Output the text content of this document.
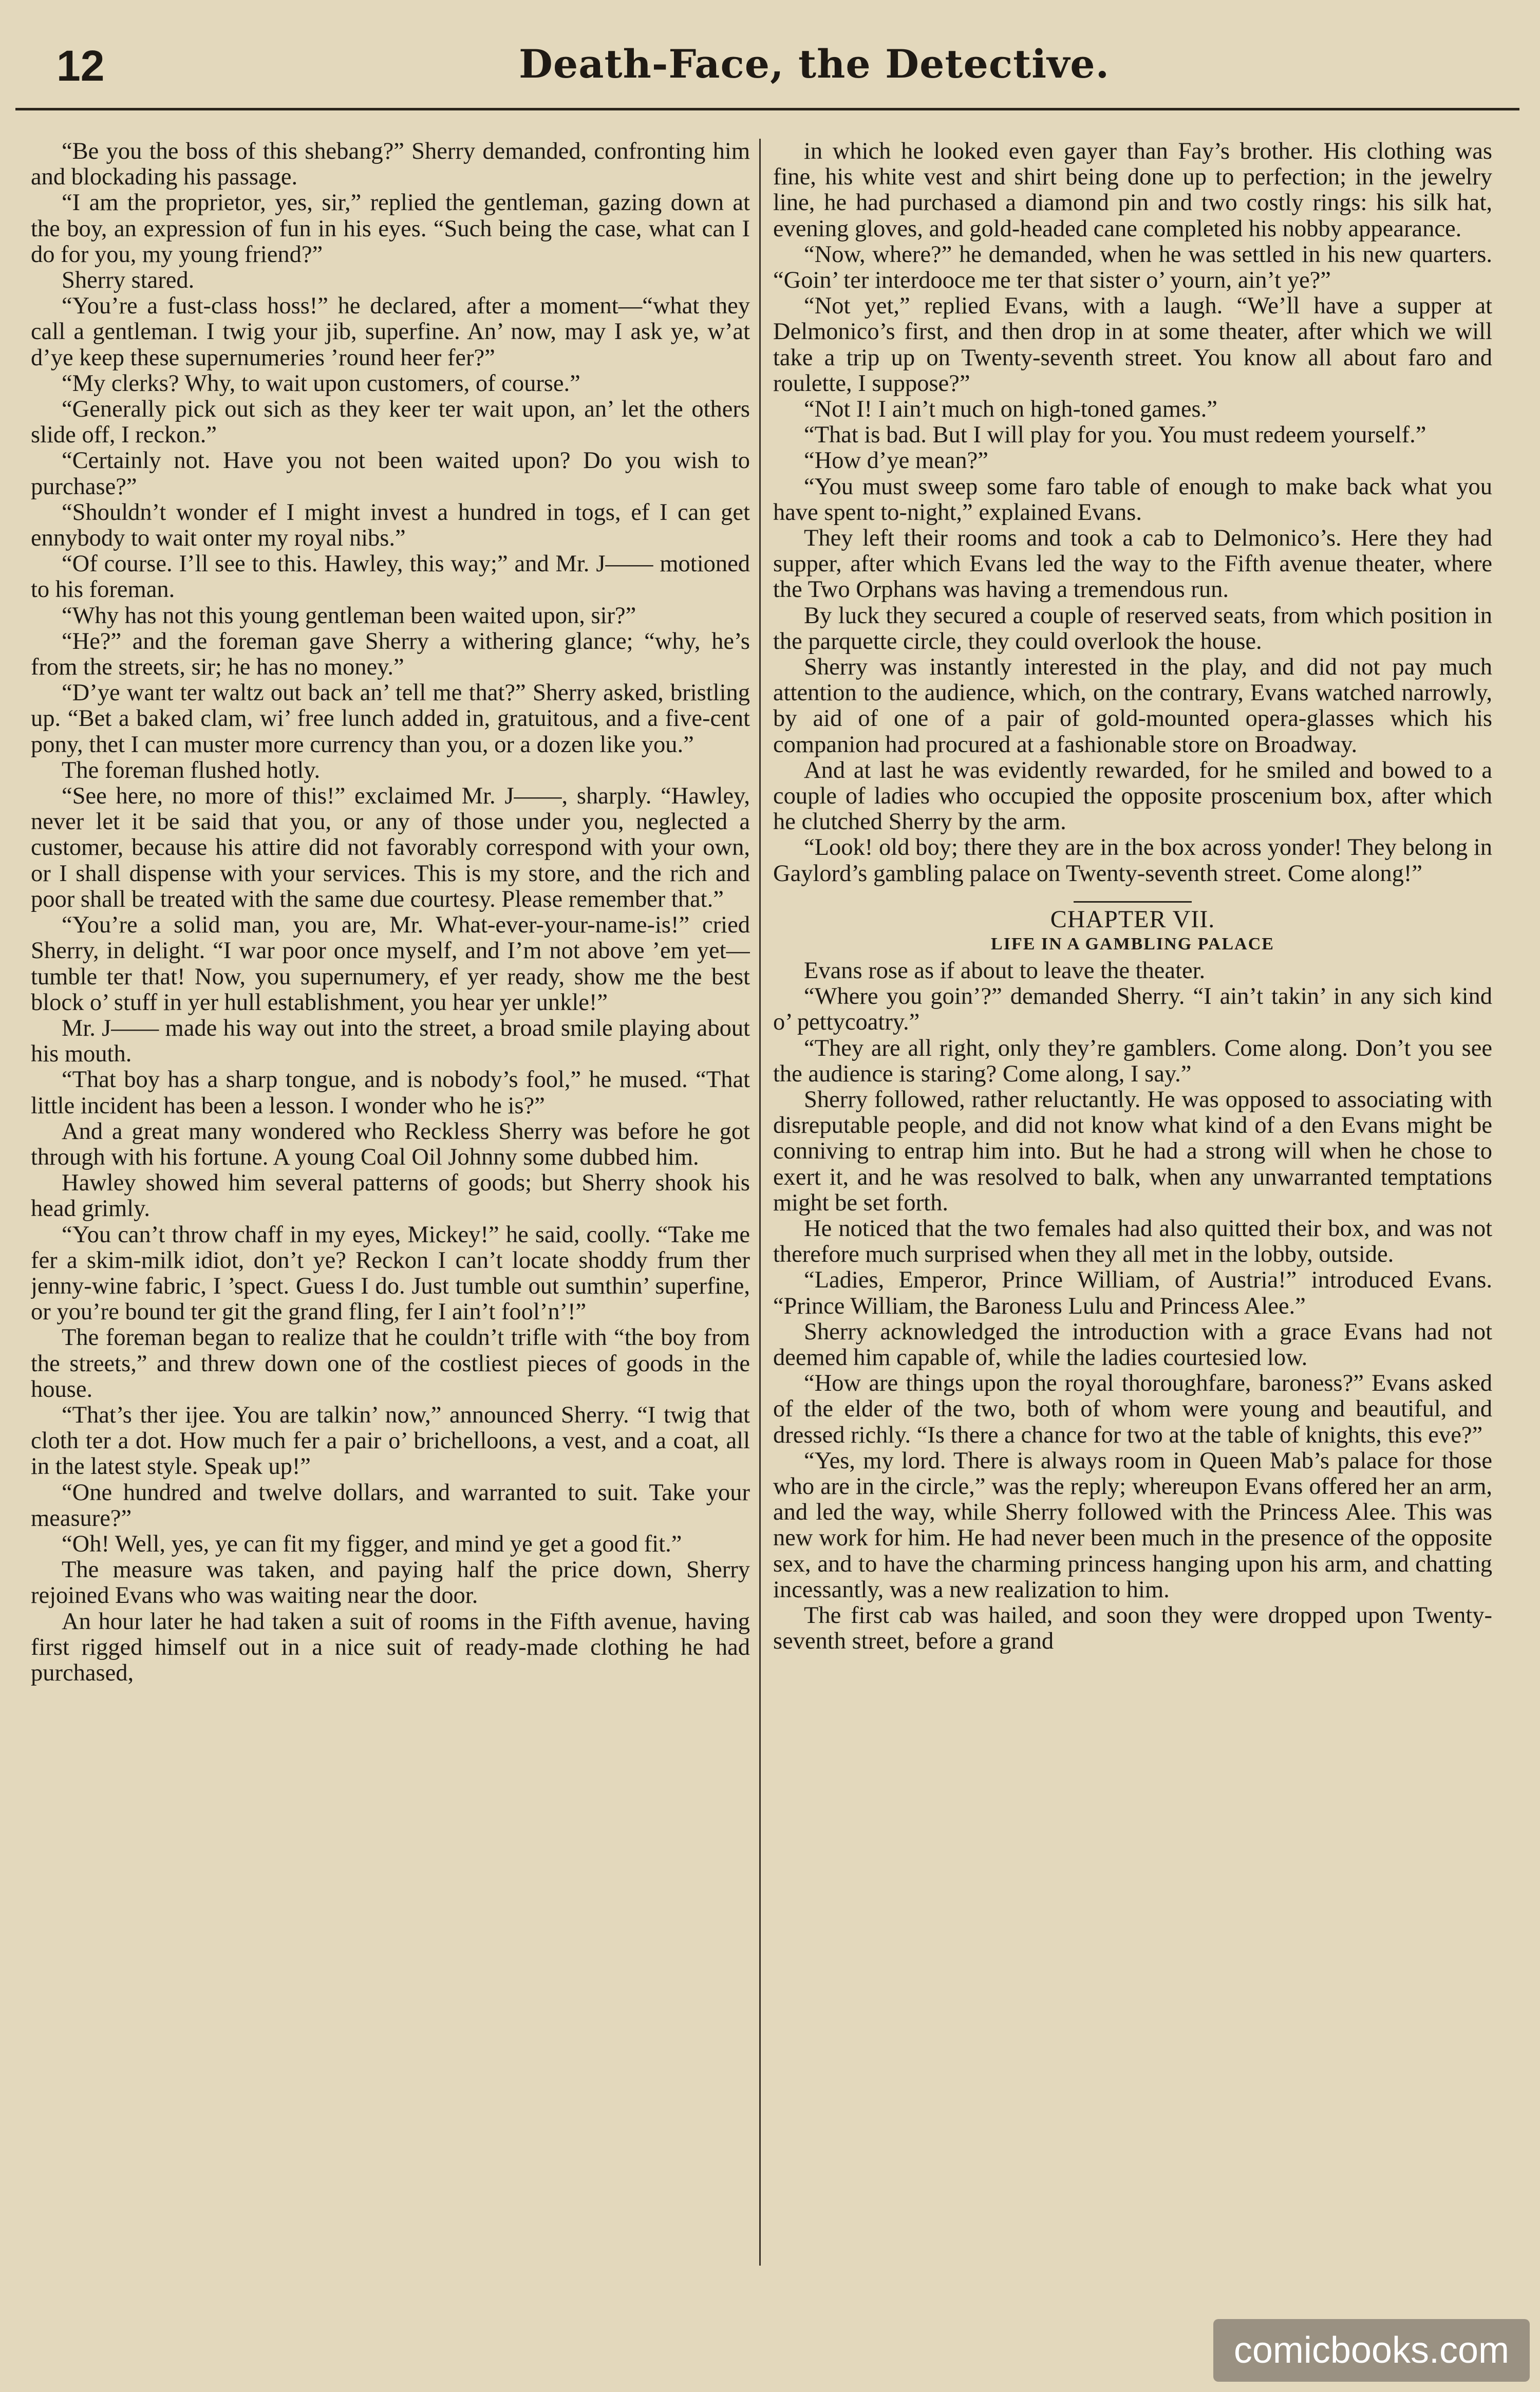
12	Death-Face, the Detective.

“Be you the boss of this shebang?” Sherry demanded, confronting him and blockading his passage.

“I am the proprietor, yes, sir,” replied the gentleman, gazing down at the boy, an expression of fun in his eyes. “Such being the case, what can I do for you, my young friend?”

Sherry stared.

“You’re a fust-class hoss!” he declared, after a moment—“what they call a gentleman. I twig your jib, superfine. An’ now, may I ask ye, w’at d’ye keep these supernumeries ’round heer fer?”

“My clerks? Why, to wait upon customers, of course.”

“Generally pick out sich as they keer ter wait upon, an’ let the others slide off, I reckon.”

“Certainly not. Have you not been waited upon? Do you wish to purchase?”

“Shouldn’t wonder ef I might invest a hundred in togs, ef I can get ennybody to wait onter my royal nibs.”

“Of course. I’ll see to this. Hawley, this way;” and Mr. J—— motioned to his foreman.

“Why has not this young gentleman been waited upon, sir?”

“He?” and the foreman gave Sherry a withering glance; “why, he’s from the streets, sir; he has no money.”

“D’ye want ter waltz out back an’ tell me that?” Sherry asked, bristling up. “Bet a baked clam, wi’ free lunch added in, gratuitous, and a five-cent pony, thet I can muster more currency than you, or a dozen like you.”

The foreman flushed hotly.

“See here, no more of this!” exclaimed Mr. J——, sharply. “Hawley, never let it be said that you, or any of those under you, neglected a customer, because his attire did not favorably correspond with your own, or I shall dispense with your services. This is my store, and the rich and poor shall be treated with the same due courtesy. Please remember that.”

“You’re a solid man, you are, Mr. What-ever-your-name-is!” cried Sherry, in delight. “I war poor once myself, and I’m not above ’em yet—tumble ter that! Now, you supernumery, ef yer ready, show me the best block o’ stuff in yer hull establishment, you hear yer unkle!”

Mr. J—— made his way out into the street, a broad smile playing about his mouth.

“That boy has a sharp tongue, and is nobody’s fool,” he mused. “That little incident has been a lesson. I wonder who he is?”

And a great many wondered who Reckless Sherry was before he got through with his fortune. A young Coal Oil Johnny some dubbed him.

Hawley showed him several patterns of goods; but Sherry shook his head grimly.

“You can’t throw chaff in my eyes, Mickey!” he said, coolly. “Take me fer a skim-milk idiot, don’t ye? Reckon I can’t locate shoddy frum ther jenny-wine fabric, I ’spect. Guess I do. Just tumble out sumthin’ superfine, or you’re bound ter git the grand fling, fer I ain’t fool’n’!”

The foreman began to realize that he couldn’t trifle with “the boy from the streets,” and threw down one of the costliest pieces of goods in the house.

“That’s ther ijee. You are talkin’ now,” announced Sherry. “I twig that cloth ter a dot. How much fer a pair o’ brichelloons, a vest, and a coat, all in the latest style. Speak up!”

“One hundred and twelve dollars, and warranted to suit. Take your measure?”

“Oh! Well, yes, ye can fit my figger, and mind ye get a good fit.”

The measure was taken, and paying half the price down, Sherry rejoined Evans who was waiting near the door.

An hour later he had taken a suit of rooms in the Fifth avenue, having first rigged himself out in a nice suit of ready-made clothing he had purchased,

in which he looked even gayer than Fay’s brother. His clothing was fine, his white vest and shirt being done up to perfection; in the jewelry line, he had purchased a diamond pin and two costly rings: his silk hat, evening gloves, and gold-headed cane completed his nobby appearance.

“Now, where?” he demanded, when he was settled in his new quarters. “Goin’ ter interdooce me ter that sister o’ yourn, ain’t ye?”

“Not yet,” replied Evans, with a laugh. “We’ll have a supper at Delmonico’s first, and then drop in at some theater, after which we will take a trip up on Twenty-seventh street. You know all about faro and roulette, I suppose?”

“Not I! I ain’t much on high-toned games.”

“That is bad. But I will play for you. You must redeem yourself.”

“How d’ye mean?”

“You must sweep some faro table of enough to make back what you have spent to-night,” explained Evans.

They left their rooms and took a cab to Delmonico’s. Here they had supper, after which Evans led the way to the Fifth avenue theater, where the Two Orphans was having a tremendous run.

By luck they secured a couple of reserved seats, from which position in the parquette circle, they could overlook the house.

Sherry was instantly interested in the play, and did not pay much attention to the audience, which, on the contrary, Evans watched narrowly, by aid of one of a pair of gold-mounted opera-glasses which his companion had procured at a fashionable store on Broadway.

And at last he was evidently rewarded, for he smiled and bowed to a couple of ladies who occupied the opposite proscenium box, after which he clutched Sherry by the arm.

“Look! old boy; there they are in the box across yonder! They belong in Gaylord’s gambling palace on Twenty-seventh street. Come along!”

CHAPTER VII.
LIFE IN A GAMBLING PALACE

Evans rose as if about to leave the theater.

“Where you goin’?” demanded Sherry. “I ain’t takin’ in any sich kind o’ pettycoatry.”

“They are all right, only they’re gamblers. Come along. Don’t you see the audience is staring? Come along, I say.”

Sherry followed, rather reluctantly. He was opposed to associating with disreputable people, and did not know what kind of a den Evans might be conniving to entrap him into. But he had a strong will when he chose to exert it, and he was resolved to balk, when any unwarranted temptations might be set forth.

He noticed that the two females had also quitted their box, and was not therefore much surprised when they all met in the lobby, outside.

“Ladies, Emperor, Prince William, of Austria!” introduced Evans. “Prince William, the Baroness Lulu and Princess Alee.”

Sherry acknowledged the introduction with a grace Evans had not deemed him capable of, while the ladies courtesied low.

“How are things upon the royal thoroughfare, baroness?” Evans asked of the elder of the two, both of whom were young and beautiful, and dressed richly. “Is there a chance for two at the table of knights, this eve?”

“Yes, my lord. There is always room in Queen Mab’s palace for those who are in the circle,” was the reply; whereupon Evans offered her an arm, and led the way, while Sherry followed with the Princess Alee. This was new work for him. He had never been much in the presence of the opposite sex, and to have the charming princess hanging upon his arm, and chatting incessantly, was a new realization to him.

The first cab was hailed, and soon they were dropped upon Twenty-seventh street, before a grand

comicbooks.com
